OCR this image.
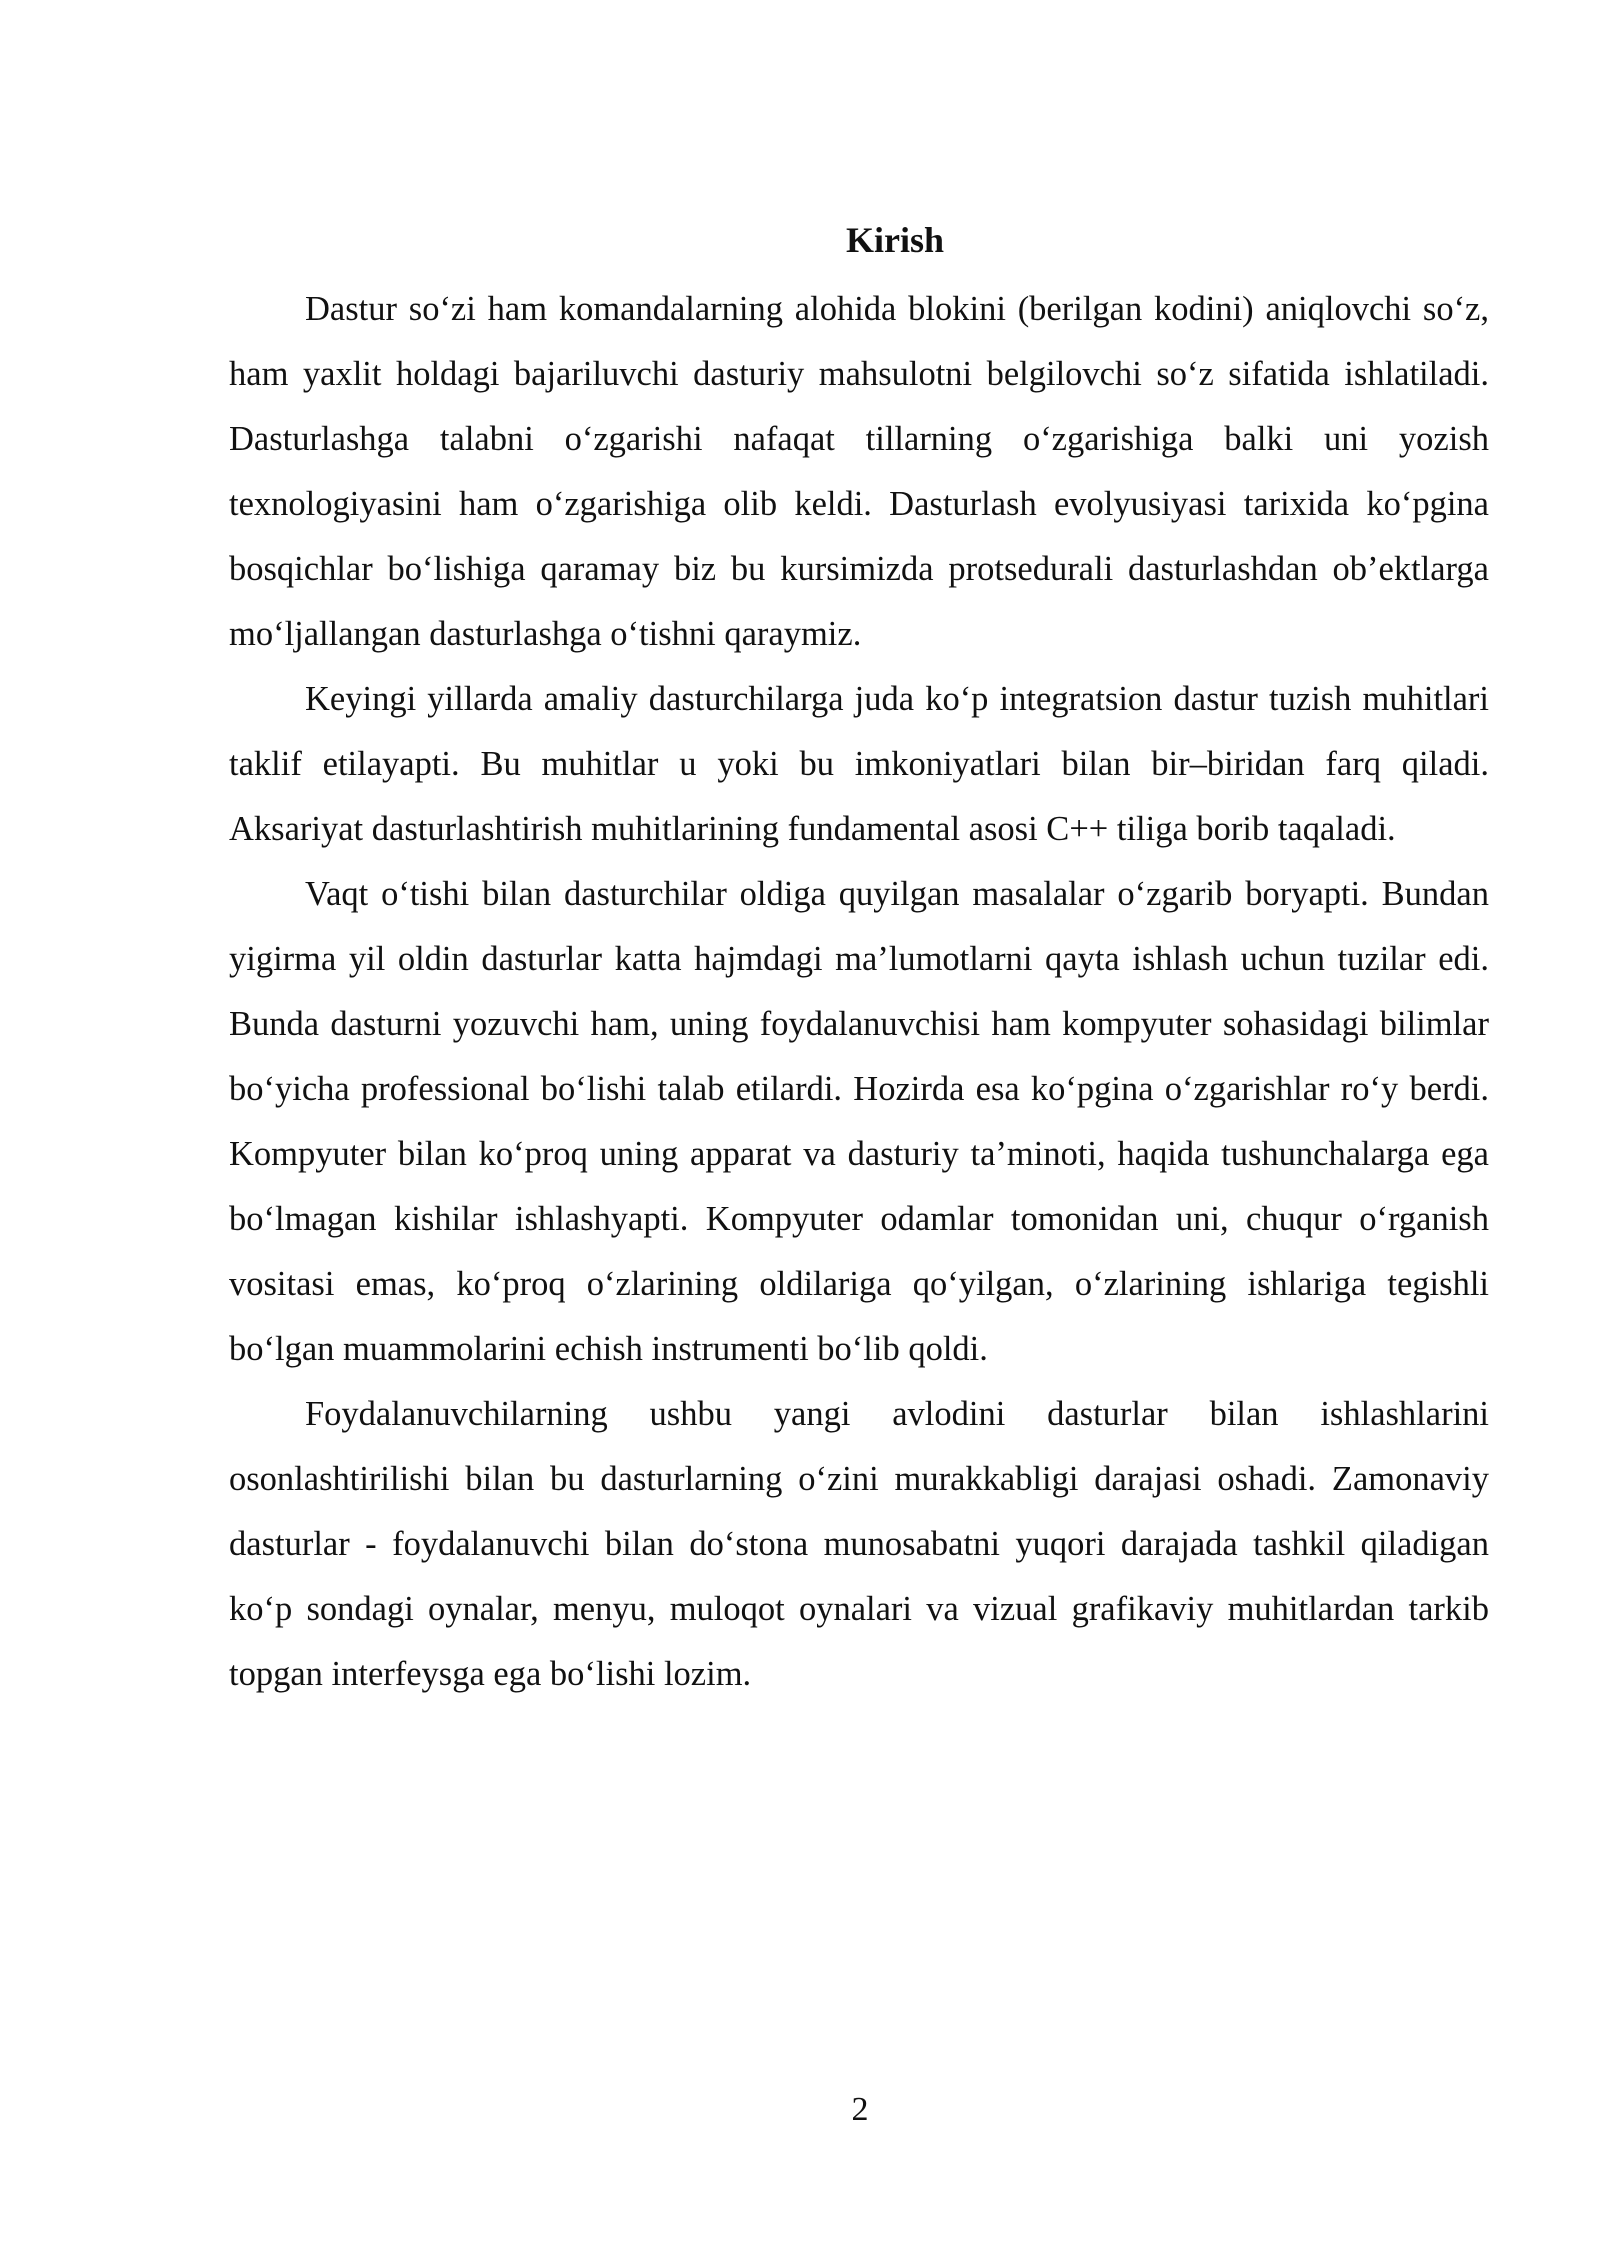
Kirish

Dastur so‘zi ham komandalarning alohida blokini (berilgan kodini) aniqlovchi so‘z, ham yaxlit holdagi bajariluvchi dasturiy mahsulotni belgilovchi so‘z sifatida ishlatiladi. Dasturlashga talabni o‘zgarishi nafaqat tillarning o‘zgarishiga balki uni yozish texnologiyasini ham o‘zgarishiga olib keldi. Dasturlash evolyusiyasi tarixida ko‘pgina bosqichlar bo‘lishiga qaramay biz bu kursimizda protsedurali dasturlashdan ob’ektlarga mo‘ljallangan dasturlashga o‘tishni qaraymiz.

Keyingi yillarda amaliy dasturchilarga juda ko‘p integratsion dastur tuzish muhitlari taklif etilayapti. Bu muhitlar u yoki bu imkoniyatlari bilan bir–biridan farq qiladi. Aksariyat dasturlashtirish muhitlarining fundamental asosi C++ tiliga borib taqaladi.

Vaqt o‘tishi bilan dasturchilar oldiga quyilgan masalalar o‘zgarib boryapti. Bundan yigirma yil oldin dasturlar katta hajmdagi ma’lumotlarni qayta ishlash uchun tuzilar edi. Bunda dasturni yozuvchi ham, uning foydalanuvchisi ham kompyuter sohasidagi bilimlar bo‘yicha professional bo‘lishi talab etilardi. Hozirda esa ko‘pgina o‘zgarishlar ro‘y berdi. Kompyuter bilan ko‘proq uning apparat va dasturiy ta’minoti, haqida tushunchalarga ega bo‘lmagan kishilar ishlashyapti. Kompyuter odamlar tomonidan uni, chuqur o‘rganish vositasi emas, ko‘proq o‘zlarining oldilariga qo‘yilgan, o‘zlarining ishlariga tegishli bo‘lgan muammolarini echish instrumenti bo‘lib qoldi.

Foydalanuvchilarning ushbu yangi avlodini dasturlar bilan ishlashlarini osonlashtirilishi bilan bu dasturlarning o‘zini murakkabligi darajasi oshadi. Zamonaviy dasturlar - foydalanuvchi bilan do‘stona munosabatni yuqori darajada tashkil qiladigan ko‘p sondagi oynalar, menyu, muloqot oynalari va vizual grafikaviy muhitlardan tarkib topgan interfeysga ega bo‘lishi lozim.

2
